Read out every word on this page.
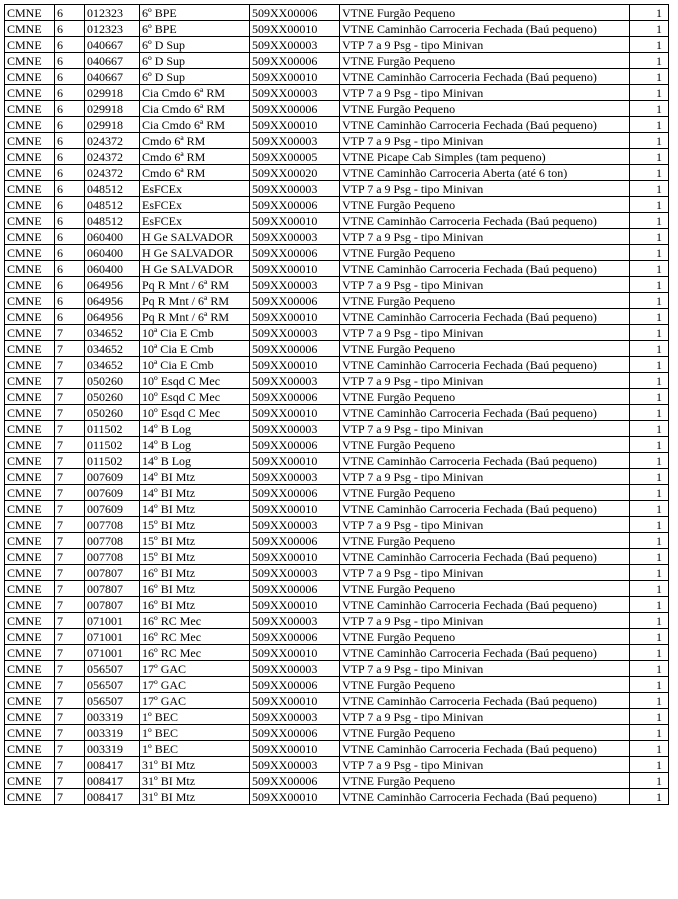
CMNE	6	012323	6º BPE	509XX00006	VTNE Furgão Pequeno	1
CMNE	6	012323	6º BPE	509XX00010	VTNE Caminhão Carroceria Fechada (Baú pequeno)	1
CMNE	6	040667	6º D Sup	509XX00003	VTP 7 a 9 Psg - tipo Minivan	1
CMNE	6	040667	6º D Sup	509XX00006	VTNE Furgão Pequeno	1
CMNE	6	040667	6º D Sup	509XX00010	VTNE Caminhão Carroceria Fechada (Baú pequeno)	1
CMNE	6	029918	Cia Cmdo 6ª RM	509XX00003	VTP 7 a 9 Psg - tipo Minivan	1
CMNE	6	029918	Cia Cmdo 6ª RM	509XX00006	VTNE Furgão Pequeno	1
CMNE	6	029918	Cia Cmdo 6ª RM	509XX00010	VTNE Caminhão Carroceria Fechada (Baú pequeno)	1
CMNE	6	024372	Cmdo 6ª RM	509XX00003	VTP 7 a 9 Psg - tipo Minivan	1
CMNE	6	024372	Cmdo 6ª RM	509XX00005	VTNE Picape Cab Simples (tam pequeno)	1
CMNE	6	024372	Cmdo 6ª RM	509XX00020	VTNE Caminhão Carroceria Aberta (até 6 ton)	1
CMNE	6	048512	EsFCEx	509XX00003	VTP 7 a 9 Psg - tipo Minivan	1
CMNE	6	048512	EsFCEx	509XX00006	VTNE Furgão Pequeno	1
CMNE	6	048512	EsFCEx	509XX00010	VTNE Caminhão Carroceria Fechada (Baú pequeno)	1
CMNE	6	060400	H Ge SALVADOR	509XX00003	VTP 7 a 9 Psg - tipo Minivan	1
CMNE	6	060400	H Ge SALVADOR	509XX00006	VTNE Furgão Pequeno	1
CMNE	6	060400	H Ge SALVADOR	509XX00010	VTNE Caminhão Carroceria Fechada (Baú pequeno)	1
CMNE	6	064956	Pq R Mnt / 6ª RM	509XX00003	VTP 7 a 9 Psg - tipo Minivan	1
CMNE	6	064956	Pq R Mnt / 6ª RM	509XX00006	VTNE Furgão Pequeno	1
CMNE	6	064956	Pq R Mnt / 6ª RM	509XX00010	VTNE Caminhão Carroceria Fechada (Baú pequeno)	1
CMNE	7	034652	10ª Cia E Cmb	509XX00003	VTP 7 a 9 Psg - tipo Minivan	1
CMNE	7	034652	10ª Cia E Cmb	509XX00006	VTNE Furgão Pequeno	1
CMNE	7	034652	10ª Cia E Cmb	509XX00010	VTNE Caminhão Carroceria Fechada (Baú pequeno)	1
CMNE	7	050260	10º Esqd C Mec	509XX00003	VTP 7 a 9 Psg - tipo Minivan	1
CMNE	7	050260	10º Esqd C Mec	509XX00006	VTNE Furgão Pequeno	1
CMNE	7	050260	10º Esqd C Mec	509XX00010	VTNE Caminhão Carroceria Fechada (Baú pequeno)	1
CMNE	7	011502	14º B Log	509XX00003	VTP 7 a 9 Psg - tipo Minivan	1
CMNE	7	011502	14º B Log	509XX00006	VTNE Furgão Pequeno	1
CMNE	7	011502	14º B Log	509XX00010	VTNE Caminhão Carroceria Fechada (Baú pequeno)	1
CMNE	7	007609	14º BI Mtz	509XX00003	VTP 7 a 9 Psg - tipo Minivan	1
CMNE	7	007609	14º BI Mtz	509XX00006	VTNE Furgão Pequeno	1
CMNE	7	007609	14º BI Mtz	509XX00010	VTNE Caminhão Carroceria Fechada (Baú pequeno)	1
CMNE	7	007708	15º BI Mtz	509XX00003	VTP 7 a 9 Psg - tipo Minivan	1
CMNE	7	007708	15º BI Mtz	509XX00006	VTNE Furgão Pequeno	1
CMNE	7	007708	15º BI Mtz	509XX00010	VTNE Caminhão Carroceria Fechada (Baú pequeno)	1
CMNE	7	007807	16º BI Mtz	509XX00003	VTP 7 a 9 Psg - tipo Minivan	1
CMNE	7	007807	16º BI Mtz	509XX00006	VTNE Furgão Pequeno	1
CMNE	7	007807	16º BI Mtz	509XX00010	VTNE Caminhão Carroceria Fechada (Baú pequeno)	1
CMNE	7	071001	16º RC Mec	509XX00003	VTP 7 a 9 Psg - tipo Minivan	1
CMNE	7	071001	16º RC Mec	509XX00006	VTNE Furgão Pequeno	1
CMNE	7	071001	16º RC Mec	509XX00010	VTNE Caminhão Carroceria Fechada (Baú pequeno)	1
CMNE	7	056507	17º GAC	509XX00003	VTP 7 a 9 Psg - tipo Minivan	1
CMNE	7	056507	17º GAC	509XX00006	VTNE Furgão Pequeno	1
CMNE	7	056507	17º GAC	509XX00010	VTNE Caminhão Carroceria Fechada (Baú pequeno)	1
CMNE	7	003319	1º BEC	509XX00003	VTP 7 a 9 Psg - tipo Minivan	1
CMNE	7	003319	1º BEC	509XX00006	VTNE Furgão Pequeno	1
CMNE	7	003319	1º BEC	509XX00010	VTNE Caminhão Carroceria Fechada (Baú pequeno)	1
CMNE	7	008417	31º BI Mtz	509XX00003	VTP 7 a 9 Psg - tipo Minivan	1
CMNE	7	008417	31º BI Mtz	509XX00006	VTNE Furgão Pequeno	1
CMNE	7	008417	31º BI Mtz	509XX00010	VTNE Caminhão Carroceria Fechada (Baú pequeno)	1
